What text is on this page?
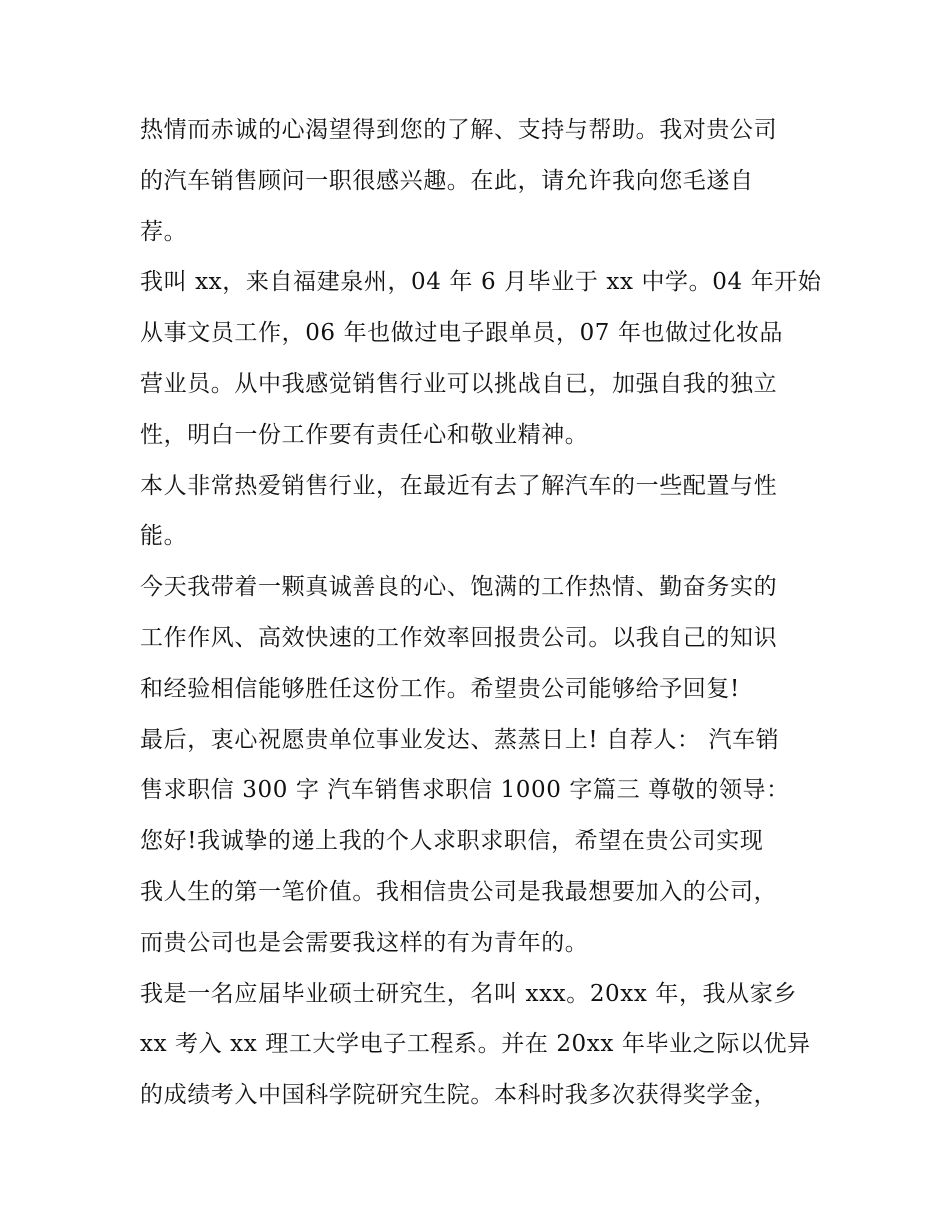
热情而赤诚的心渴望得到您的了解、支持与帮助。我对贵公司
的汽车销售顾问一职很感兴趣。在此，请允许我向您毛遂自
荐。
我叫 xx，来自福建泉州，04 年 6 月毕业于 xx 中学。04 年开始
从事文员工作，06 年也做过电子跟单员，07 年也做过化妆品
营业员。从中我感觉销售行业可以挑战自已，加强自我的独立
性，明白一份工作要有责任心和敬业精神。
本人非常热爱销售行业，在最近有去了解汽车的一些配置与性
能。
今天我带着一颗真诚善良的心、饱满的工作热情、勤奋务实的
工作作风、高效快速的工作效率回报贵公司。以我自己的知识
和经验相信能够胜任这份工作。希望贵公司能够给予回复!
最后，衷心祝愿贵单位事业发达、蒸蒸日上! 自荐人： 汽车销
售求职信 300 字 汽车销售求职信 1000 字篇三 尊敬的领导：
您好!我诚挚的递上我的个人求职求职信，希望在贵公司实现
我人生的第一笔价值。我相信贵公司是我最想要加入的公司，
而贵公司也是会需要我这样的有为青年的。
我是一名应届毕业硕士研究生，名叫 xxx。20xx 年，我从家乡
xx 考入 xx 理工大学电子工程系。并在 20xx 年毕业之际以优异
的成绩考入中国科学院研究生院。本科时我多次获得奖学金，
